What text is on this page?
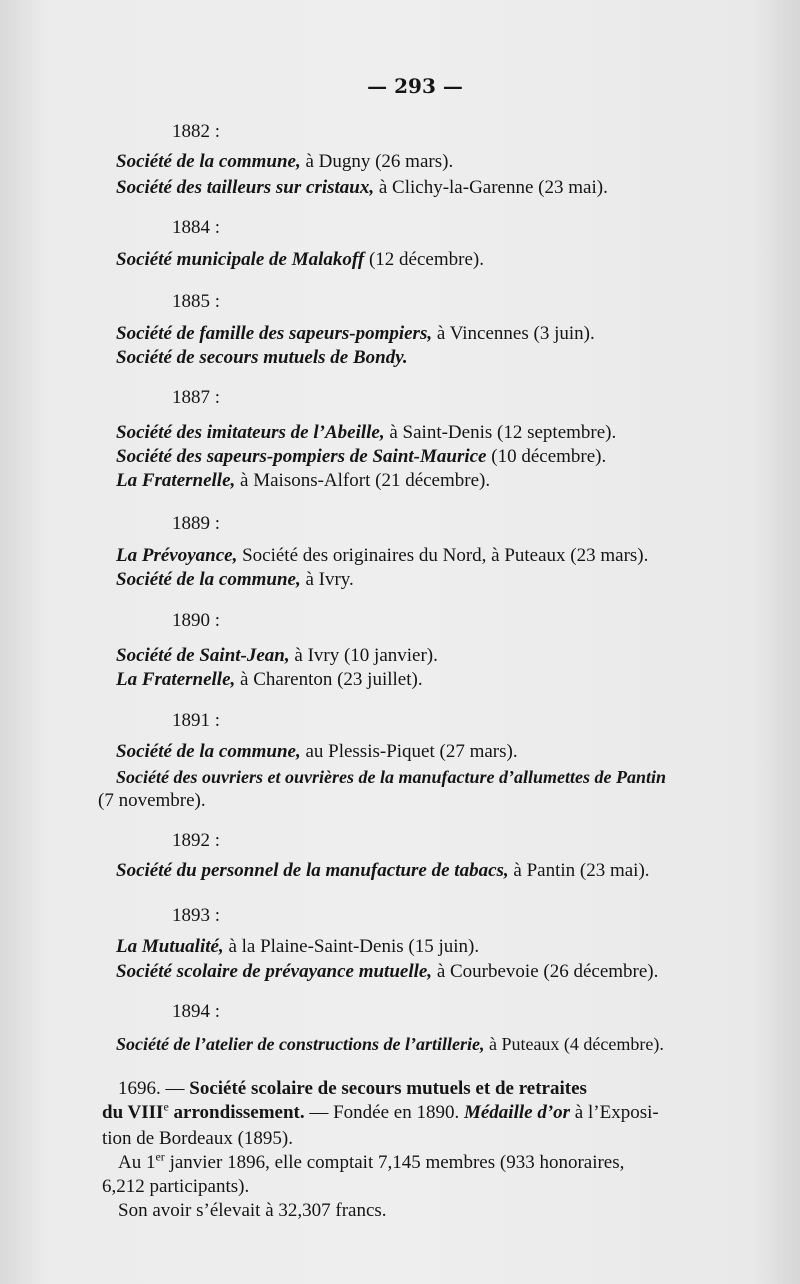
— 293 —
1882 :
Société de la commune, à Dugny (26 mars).
Société des tailleurs sur cristaux, à Clichy-la-Garenne (23 mai).
1884 :
Société municipale de Malakoff (12 décembre).
1885 :
Société de famille des sapeurs-pompiers, à Vincennes (3 juin).
Société de secours mutuels de Bondy.
1887 :
Société des imitateurs de l’Abeille, à Saint-Denis (12 septembre).
Société des sapeurs-pompiers de Saint-Maurice (10 décembre).
La Fraternelle, à Maisons-Alfort (21 décembre).
1889 :
La Prévoyance, Société des originaires du Nord, à Puteaux (23 mars).
Société de la commune, à Ivry.
1890 :
Société de Saint-Jean, à Ivry (10 janvier).
La Fraternelle, à Charenton (23 juillet).
1891 :
Société de la commune, au Plessis-Piquet (27 mars).
Société des ouvriers et ouvrières de la manufacture d’allumettes de Pantin
(7 novembre).
1892 :
Société du personnel de la manufacture de tabacs, à Pantin (23 mai).
1893 :
La Mutualité, à la Plaine-Saint-Denis (15 juin).
Société scolaire de prévayance mutuelle, à Courbevoie (26 décembre).
1894 :
Société de l’atelier de constructions de l’artillerie, à Puteaux (4 décembre).
1696. — Société scolaire de secours mutuels et de retraites
du VIIIe arrondissement. — Fondée en 1890. Médaille d’or à l’Exposi-
tion de Bordeaux (1895).
Au 1er janvier 1896, elle comptait 7,145 membres (933 honoraires,
6,212 participants).
Son avoir s’élevait à 32,307 francs.
